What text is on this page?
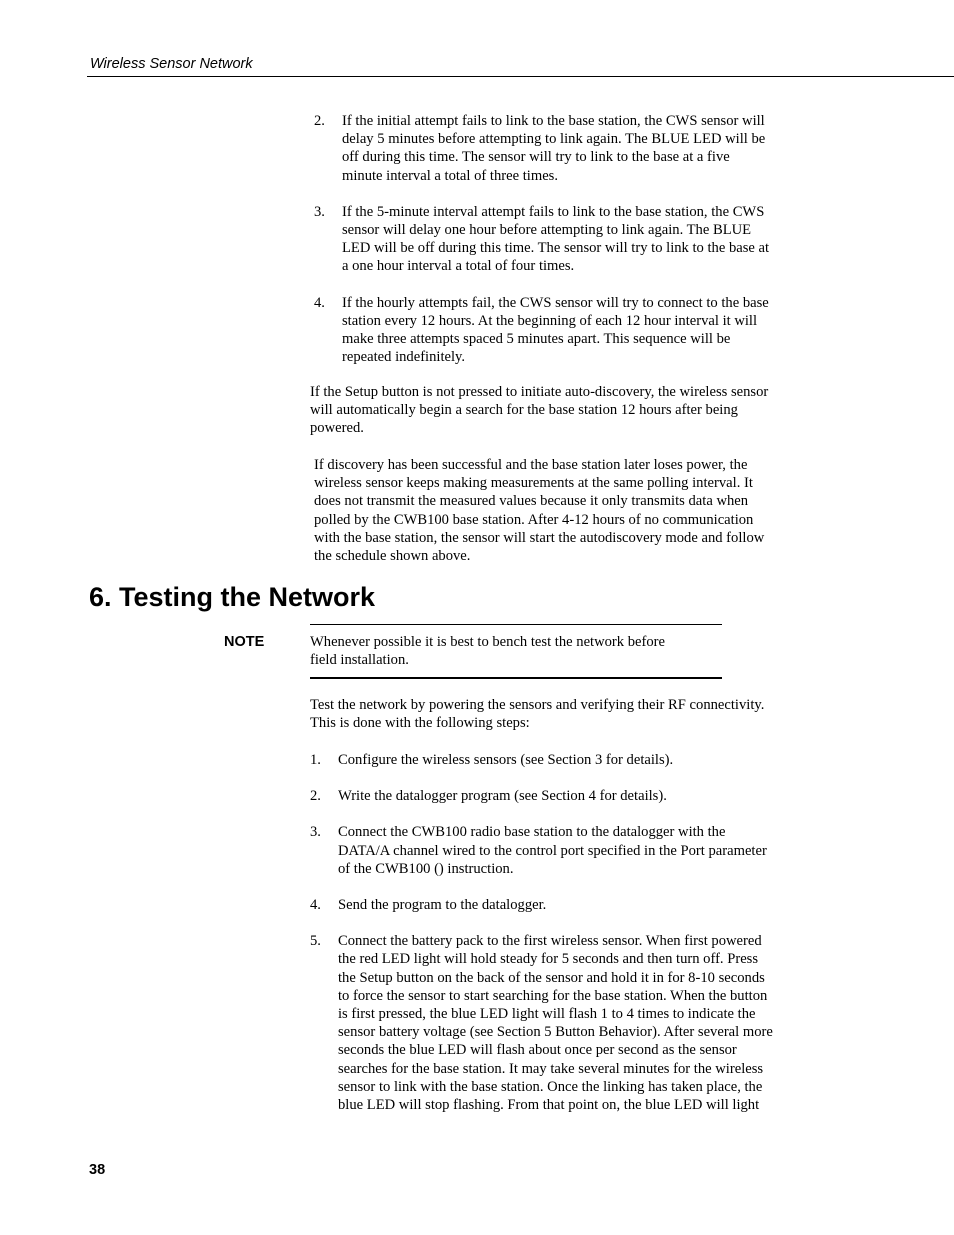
Wireless Sensor Network
2. If the initial attempt fails to link to the base station, the CWS sensor will
delay 5 minutes before attempting to link again. The BLUE LED will be
off during this time. The sensor will try to link to the base at a five
minute interval a total of three times.
3. If the 5-minute interval attempt fails to link to the base station, the CWS
sensor will delay one hour before attempting to link again. The BLUE
LED will be off during this time. The sensor will try to link to the base at
a one hour interval a total of four times.
4. If the hourly attempts fail, the CWS sensor will try to connect to the base
station every 12 hours. At the beginning of each 12 hour interval it will
make three attempts spaced 5 minutes apart. This sequence will be
repeated indefinitely.

If the Setup button is not pressed to initiate auto-discovery, the wireless sensor
will automatically begin a search for the base station 12 hours after being
powered.

If discovery has been successful and the base station later loses power, the
wireless sensor keeps making measurements at the same polling interval. It
does not transmit the measured values because it only transmits data when
polled by the CWB100 base station. After 4-12 hours of no communication
with the base station, the sensor will start the autodiscovery mode and follow
the schedule shown above.

6. Testing the Network
NOTE	Whenever possible it is best to bench test the network before
field installation.

Test the network by powering the sensors and verifying their RF connectivity.
This is done with the following steps:

1. Configure the wireless sensors (see Section 3 for details).
2. Write the datalogger program (see Section 4 for details).
3. Connect the CWB100 radio base station to the datalogger with the
DATA/A channel wired to the control port specified in the Port parameter
of the CWB100 () instruction.
4. Send the program to the datalogger.
5. Connect the battery pack to the first wireless sensor. When first powered
the red LED light will hold steady for 5 seconds and then turn off. Press
the Setup button on the back of the sensor and hold it in for 8-10 seconds
to force the sensor to start searching for the base station. When the button
is first pressed, the blue LED light will flash 1 to 4 times to indicate the
sensor battery voltage (see Section 5 Button Behavior). After several more
seconds the blue LED will flash about once per second as the sensor
searches for the base station. It may take several minutes for the wireless
sensor to link with the base station. Once the linking has taken place, the
blue LED will stop flashing. From that point on, the blue LED will light
38
